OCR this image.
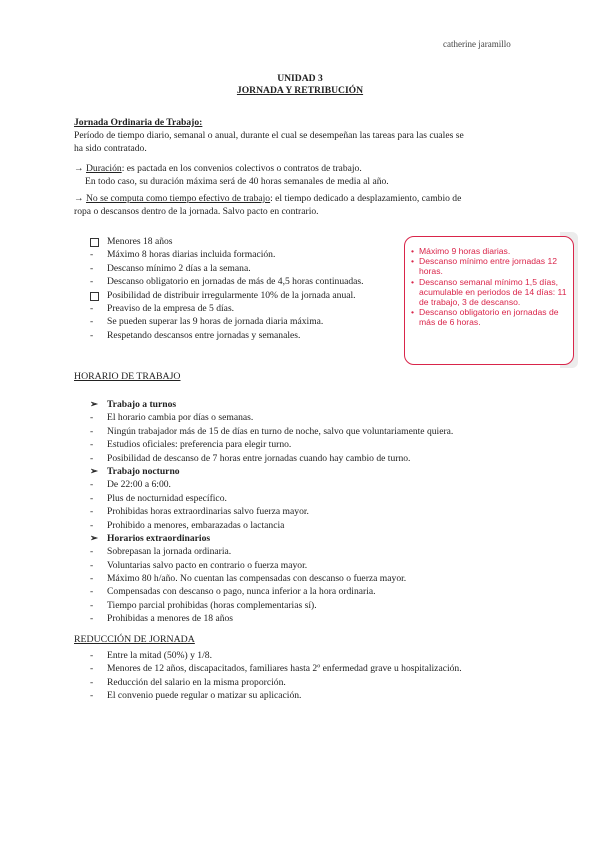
catherine jaramillo
UNIDAD 3
JORNADA Y RETRIBUCIÓN
Jornada Ordinaria de Trabajo:
Período de tiempo diario, semanal o anual, durante el cual se desempeñan las tareas para las cuales se
ha sido contratado.
→ Duración: es pactada en los convenios colectivos o contratos de trabajo.
En todo caso, su duración máxima será de 40 horas semanales de media al año.
→ No se computa como tiempo efectivo de trabajo: el tiempo dedicado a desplazamiento, cambio de
ropa o descansos dentro de la jornada. Salvo pacto en contrario.
Menores 18 años
-	Máximo 8 horas diarias incluida formación.
-	Descanso mínimo 2 días a la semana.
-	Descanso obligatorio en jornadas de más de 4,5 horas continuadas.
Posibilidad de distribuir irregularmente 10% de la jornada anual.
-	Preaviso de la empresa de 5 días.
-	Se pueden superar las 9 horas de jornada diaria máxima.
-	Respetando descansos entre jornadas y semanales.
• Máximo 9 horas diarias.
• Descanso mínimo entre jornadas 12 horas.
• Descanso semanal mínimo 1,5 días, acumulable en periodos de 14 días: 11 de trabajo, 3 de descanso.
• Descanso obligatorio en jornadas de más de 6 horas.
HORARIO DE TRABAJO
➢ Trabajo a turnos
-	El horario cambia por días o semanas.
-	Ningún trabajador más de 15 de días en turno de noche, salvo que voluntariamente quiera.
-	Estudios oficiales: preferencia para elegir turno.
-	Posibilidad de descanso de 7 horas entre jornadas cuando hay cambio de turno.
➢ Trabajo nocturno
-	De 22:00 a 6:00.
-	Plus de nocturnidad específico.
-	Prohibidas horas extraordinarias salvo fuerza mayor.
-	Prohibido a menores, embarazadas o lactancia
➢ Horarios extraordinarios
-	Sobrepasan la jornada ordinaria.
-	Voluntarias salvo pacto en contrario o fuerza mayor.
-	Máximo 80 h/año. No cuentan las compensadas con descanso o fuerza mayor.
-	Compensadas con descanso o pago, nunca inferior a la hora ordinaria.
-	Tiempo parcial prohibidas (horas complementarias sí).
-	Prohibidas a menores de 18 años
REDUCCIÓN DE JORNADA
-	Entre la mitad (50%) y 1/8.
-	Menores de 12 años, discapacitados, familiares hasta 2º enfermedad grave u hospitalización.
-	Reducción del salario en la misma proporción.
-	El convenio puede regular o matizar su aplicación.
